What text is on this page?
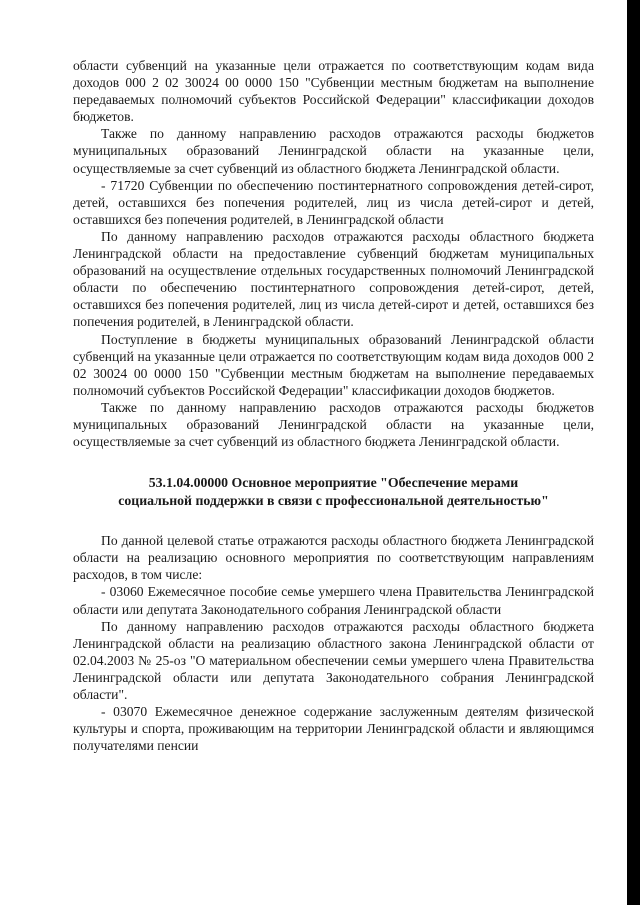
области субвенций на указанные цели отражается по соответствующим кодам вида доходов 000 2 02 30024 00 0000 150 "Субвенции местным бюджетам на выполнение передаваемых полномочий субъектов Российской Федерации" классификации доходов бюджетов.

Также по данному направлению расходов отражаются расходы бюджетов муниципальных образований Ленинградской области на указанные цели, осуществляемые за счет субвенций из областного бюджета Ленинградской области.

- 71720 Субвенции по обеспечению постинтернатного сопровождения детей-сирот, детей, оставшихся без попечения родителей, лиц из числа детей-сирот и детей, оставшихся без попечения родителей, в Ленинградской области

По данному направлению расходов отражаются расходы областного бюджета Ленинградской области на предоставление субвенций бюджетам муниципальных образований на осуществление отдельных государственных полномочий Ленинградской области по обеспечению постинтернатного сопровождения детей-сирот, детей, оставшихся без попечения родителей, лиц из числа детей-сирот и детей, оставшихся без попечения родителей, в Ленинградской области.

Поступление в бюджеты муниципальных образований Ленинградской области субвенций на указанные цели отражается по соответствующим кодам вида доходов 000 2 02 30024 00 0000 150 "Субвенции местным бюджетам на выполнение передаваемых полномочий субъектов Российской Федерации" классификации доходов бюджетов.

Также по данному направлению расходов отражаются расходы бюджетов муниципальных образований Ленинградской области на указанные цели, осуществляемые за счет субвенций из областного бюджета Ленинградской области.

53.1.04.00000 Основное мероприятие "Обеспечение мерами
социальной поддержки в связи с профессиональной деятельностью"

По данной целевой статье отражаются расходы областного бюджета Ленинградской области на реализацию основного мероприятия по соответствующим направлениям расходов, в том числе:

- 03060 Ежемесячное пособие семье умершего члена Правительства Ленинградской области или депутата Законодательного собрания Ленинградской области

По данному направлению расходов отражаются расходы областного бюджета Ленинградской области на реализацию областного закона Ленинградской области от 02.04.2003 № 25-оз "О материальном обеспечении семьи умершего члена Правительства Ленинградской области или депутата Законодательного собрания Ленинградской области".

- 03070 Ежемесячное денежное содержание заслуженным деятелям физической культуры и спорта, проживающим на территории Ленинградской области и являющимся получателями пенсии
